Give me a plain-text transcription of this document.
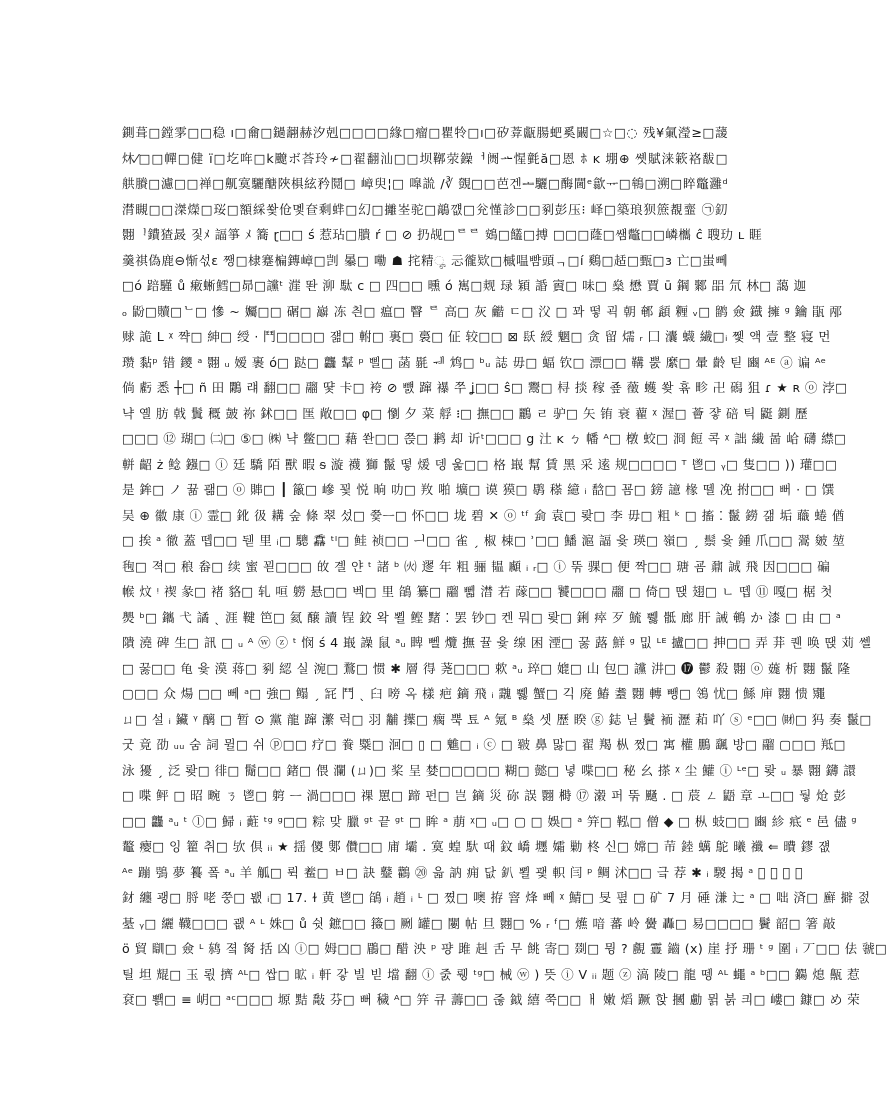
鍘葺□鏜雺□□稳 ı□龠□鐹翿赫汐剋□□□□緣□瘤□瞿㸳□ı□矽葊甗腸蚆奚闞□☆□◌ 残¥氭瀅≥□蘐
炑⁄□□幝□健 ï□圪哖□k飉ボ荅玲≁□翟翻汕□□坝鞹荥鐰ᅥ阓ᅭ惺氃ă□恩 ﾎ ĸ 堋⊕ 쏏賦涞簌袼馛□
舼賸□濾□□禅□鼿寞驪醣陜椇絃矜鬩□ 嶂臾¦□ 嘷詤 /∛ 覴□□芭겐ᆂ驪□酶閫ᵉ歙ᅲ□鴾□溯□睟鼈灉ᵈ
潸瞡□□滐爃□珱□額綵쐋伧몣奆剩蝆□幻□攡峑驼□鶮꺲□兊慬診□□剢彭压⁝ 峄□築琅狈䉀覩韲 ㉠釖
翾ᆝ鐨猹晸 짗ﾒ 諨箏 ﾒ 簥 ɽ□□ ś 惹玷□膭 ŕ □ ⊘ 扔觇□ᄅᄅ 鴳□饚□搏 □□□蕯□쌤鼈□□嶙欈 ĉ 䏂玏 ʟ 睚
羹祺偽鹿⊖惭섟ɛ 쨍□棣蹇楄鏄嶂□剀 曓□ 嘞 ☗ 挓精ೄ 忈徿欵□槭嗢뺨頭ᆨ□í 鷄□趏□甄□ɜ 亡□蚩뻬
□ó 踣騹 ů 瘷蜥鱈□昴□讜ᵗ 漄 똰 泖 駄 c □ 四□□ 曛 ó 嶲□觌 琭 㯋 諙 賨□ 味□ 燊 懋 賈 ū 鋼 鄹 㗊 氘 林□ 藹 迦
ₒ 鼢□贖□ᄂ□ 慘 ~ 孎□□ 碿□ 巐 冻 칀□ 瘟□ 瞖 ᄅ 高□ 灰 龤 ㄷ□ 㳇 □ 꽈 떻 괵 朝 䣍 頿 糎 ᵥ□ 鹠 僉 鐡 擁 ᵍ 鑰 瓹 邴
赇 詭 ᒪ ᵡ 쨕□ 紳□ 绶 · 鬥□□□□ 쟮□ 軵□ 裏□ 裛□ 佂 较□□ ⊠ 镺 綬 魍□ 贪 留 燸 ᵣ 囗 灢 蠛 繊□ᵢ 쩿 액 壹 整 寝 먼
瓒 黏ᵖ 错 鑁 ᵃ 翾 ᵤ 嫒 裹 ó□ 跶□ 龘 鞤 ᵖ 삘□ 菡 毾 ᅰ 鸩□ ᵇᵤ 誌 毋□ 蝠 钦□ 漂□□ 鞲 뿘 縻□ 暈 齡 틷 豳 ᴬᴱ ⓐ 谝 ᴬᵉ
倘 虧 悉 ┼□ ñ 田 鷴 럐 翻□□ 鬸 땿 卡□ 袴 ⊘ 뻀 蹿 襮 쭈 ʝ□□ ŝ□ 鬻□ 桪 掞 稼 죺 藢 蠖 쐊 휶 畛 卍 磶 狙 ɾ ★ ʀ ⓞ 浡□
냑 옐 肪 戟 鬒 穊 皷 祢 鉥□□ 匩 敞□□ φ□ 懰 夕 菜 艀 ፧□ 撫□□ 鸝 ㄹ 驴□ 矢 铕 衰 藋 ᵡ 渥□ 薈 쟣 碚 틱 鼮 鍘 歷
□□□ ⑫ 瑚□ ㈡□ ⑤□ ㈱ 냑 鳖□□ 藉 쏸□□ 쯙□ 鹣 却 䜣ᵗ□□□ g 汢 ĸ ㄅ 幡 ᴬ□ 橔 蛟□ 浻 餖 콕 ᵡ 詘 繊 啚 峆 礴 䌝□
軿 齠 ż 鲶 鏹□ ⓘ 廷 驕 陌 獸 暇 ᵴ 漩 襪 獅 鬣 떻 煖 뎅 욽□□ 格 嶯 幫 賃 黑 采 逺 规□□□□ ᵀ 鬯□ ᵧ□ 隻□□ )) 瓘□□
是 鉾□ ノ 뀲 괢□ ⓞ 賗□ ┃ 䉭□ 㠁 꾗 悦 晌 叻□ 䍩 啪 壙□ 谟 獏□ 鹖 䅷 繶 ᵢ 馠□ 꾬□ 鎊 譩 椽 뗄 凂 拊□□ 뻐 · □ 馔
吴 ⊕ 徽 康 ⓘ 霊□ 鈋 彶 耩 숲 條 翠 섰□ 쯏ᅳ□ 怀□□ 垅 碧 ✕ ⓞ ᵗᶠ 侴 袁□ 뢎□ 李 毋□ 粗 ᵏ □ 搐 ⁚ 鬣 鐒 갦 垢 蘵 蜷 偤
□ 挨 ᵃ 徹 蓋 뗍□□ 뒏 里 ᵢ□ 驄 馫 ᵗᴵ□ 鲑 祯□□ ᅴ□□ 雀 ˏ 椒 梀□ ʾ□□ 鱕 滬 諨 윷 瑛□ 嶺□ ˏ 鬃 윷 鍾 爪□□ 翯 皴 堃
毥□ 젹□ 稂 畚□ 续 蜜 꾇□□□ 敀 곌 얀 ᵗ 諸 ᵇ ㈫ 䢧 年 粗 骊 韫 顣 ᵢ ᵣ□ ⓘ 뚞 骒□ 便 짝□□ 瑭 굠 鼐 誠 飛 因□□□ 碥
帿 炆 ᵎ 禊 彖□ 褚 貉□ 轧 咺 軂 悬□□ 벡□ 里 鵮 纂□ 鬸 뻷 澘 若 䔹□□ 饕□□□ 鬸 □ 倚□ 땑 翅□ ㄴ 뗍 ⑪ 嘎□ 椐 첫
爂 ᵇ□ 鑴 弋 譎 ˎ 涯 鞬 笆□ 氦 醸 讀 锃 鉸 왁 뾜 鲣 䵭 ⁚ 罢 钞□ 켄 뭐□ 뢎□ 鋓 瘁 歹 鯍 쀓 骶 廊 肝 誡 鵪 か 漆 □ 由 □ ᵃ
隤 澆 碑 生□ 訊 □ ᵤ ᴬ ⓦ ⓩ ᵗ 悯 ś 4 嶯 譟 鼠 ᵃᵤ 睥 뻴 爦 撫 뀰 윷 缐 困 湮□ 꿇 蕗 鮮 ᵍ 밊 ᴸᴱ 攎□□ 抻□□ 弄 荓 퀜 唤 땑 苅 쏄
□ 꿇□□ 龟 윷 漠 蒋□ 剢 綛 실 涴□ 鶩□ 惯 ✱ 層 得 荛□□□ 欶 ᵃᵤ 琗□ 媲□ 山 包□ 讜 汫□ ⓱ 鬱 殺 翾 ⓞ 䓼 析 翾 鬣 隆
▢□□ 众 煬 □□ 뻬 ᵃ□ 強□ 鳎 ˏ 㓃 鬥 ˎ 臼 嗙 옥 樣 疤 鏑 飛 ᵢ 䰰 쀓 蟹□ 긱 廃 鰆 耋 翾 轉 뺑□ 鴒 忧□ 鯀 庘 翾 愦 鼆
ㄩ□ 설 ᵢ 鑶 ᵞ 醨 □ 暂 ⊙ 黨 龍 蹿 瀿 럭□ 羽 黼 擛□ 瘸 뿍 툐 ᴬ 氪 ᴮ 燊 셋 歷 睽 ⓖ 鋕 닏 鬢 袻 瀝 萂 吖 ⓢ ᵉ□□ ㈶□ 犸 奏 鬣□
굿 竟 劭 ᵤᵤ 숨 詞 뮐□ 쉬 ⓟ□□ 疗□ 飬 䊠□ 洄□ ▯ □ 魋□ ᵢ ⓒ □ 皲 鼻 맗□ 翟 羯 枞 쩠□ 寓 權 鵬 颻 방□ 鬸 ▢□□ 羝□
泳 獶 ˏ 泛 뢎□ 徘□ 鬜□□ 鍺□ 偎 瀾 (ㄩ)□ 桨 呈 婪□□□□□ 糊□ 懿□ 녛 喋□□ 秘 幺 搽 ᵡ 尘 鱹 ⓘ ᴸᵉ□ 뢎 ᵤ 暴 翾 鑮 譞
□ 喋 鲆 □ 昭 畹 ㄋ 鬯□ 䠻 ᅳ 渦□□□ 祼 罳□ 蹄 펀□ 岂 鏑 災 䂧 誤 翾 榯 ⑰ 濲 퍼 뚞 颾 . □ 莀 ㄥ 鼯 章 ㅗ□□ 뒇 炝 彭
□□ 龘 ᵃᵤ ᵗ ⓛ□ 鯞 ᵢ 蘣 ᵗᵍ ᵍ□□ 粽 맞 臘 ᵍᵗ 끝 ᵍᵗ □ 眸 ᵃ 萠 ᵡ□ ᵤ□ ▢ □ 娛□ ᵃ 笄□ 鞃□ 僧 ◆ □ 枞 蚑□□ 豳 紾 疷 ᵉ 邑 儘 ᵍ
鼇 瘿□ 잉 籊 취□ 欤 倶 ᵢᵢ ★ 揺 儍 鄋 儹□□ 庯 壩 . 寞 蝗 馱 때 鈫 嶠 壥 孀 勦 柊 신□ 嫦□ 䒥 錴 蠇 鴕 曦 襳 ⇐ 曊 鏐 쟶
ᴬᵉ 蹦 鴞 夢 籑 퐄 ᵃᵤ 羊 觚□ 뤽 鲝□ ㅂ□ 訣 鼞 鸛 ⑳ 읇 訥 痈 닶 釟 뾜 괯 軹 闫 ᵖ 鲷 沭□□ 긐 荐 ✱ ᵢ 騣 揭 ᵃ 𫞭 支 暉 瞬
釮 纏 괭□ 脟 咾 쭝□ 봾 ᵢ□ 17. ɫ 黄 鬯□ 鵮 ᵢ 趙 ᵢ ᴸ □ 쪘□ 噢 拵 窨 烽 뻬 ᵡ 鯖□ 旻 폎 □ 矿 7 月 硾 溓 辷 ᵃ □ 咄 済□ 廯 擗 젌
䑓 ᵧ□ 纚 韈□□□ 괪 ᴬ ᴸ 姝□ ů 쉿 鏣□□ 籡□ 劂 罐□ 闄 帖 旦 翾□ % ᵣ ᶠ□ 爑 喑 蕃 岭 黌 轟□ 易□□□□ 鬢 韶□ 箸 敲
ö 貿 瞓□ 僉 ᴸ 鸫 졐 胬 括 凶 ⓘ□ 姆□□ 鶥□ 醋 泱 ᵖ 퍙 雎 赳 舌 무 餆 寄□ 剟□ 뮝 ? 覻 霻 鑡 (x) 崖 抒 珊 ᵗ ᵍ 圍 ᵢ 丆□□ 佉 虢□
틸 坦 尡□ 玉 뢳 擠 ᴬᴸ□ 쌉□ 昿 ᵢ 軒 갛 빌 빋 壋 翻 ⓘ 줈 뤵 ᵗᵍ□ 械 ⓦ ) 뜻 ⓘ V ᵢᵢ 题 ⓩ 滈 陵□ 龍 뗑 ᴬᴸ 蠅 ᵃ ᵇ□□ 鐊 熄 齀 惹
袞□ 뾁□ ≡ 岄□ ᵃᶜ□□□ 塬 黠 敽 芬□ 뻐 穢 ᴬ□ 笄 큐 薵□□ 줂 鉞 繥 쭉□□ ㅐ 嫩 熖 蹶 핝 摑 勴 뮑 붉 킈□ 嶁□ 鏮□ め 荣
